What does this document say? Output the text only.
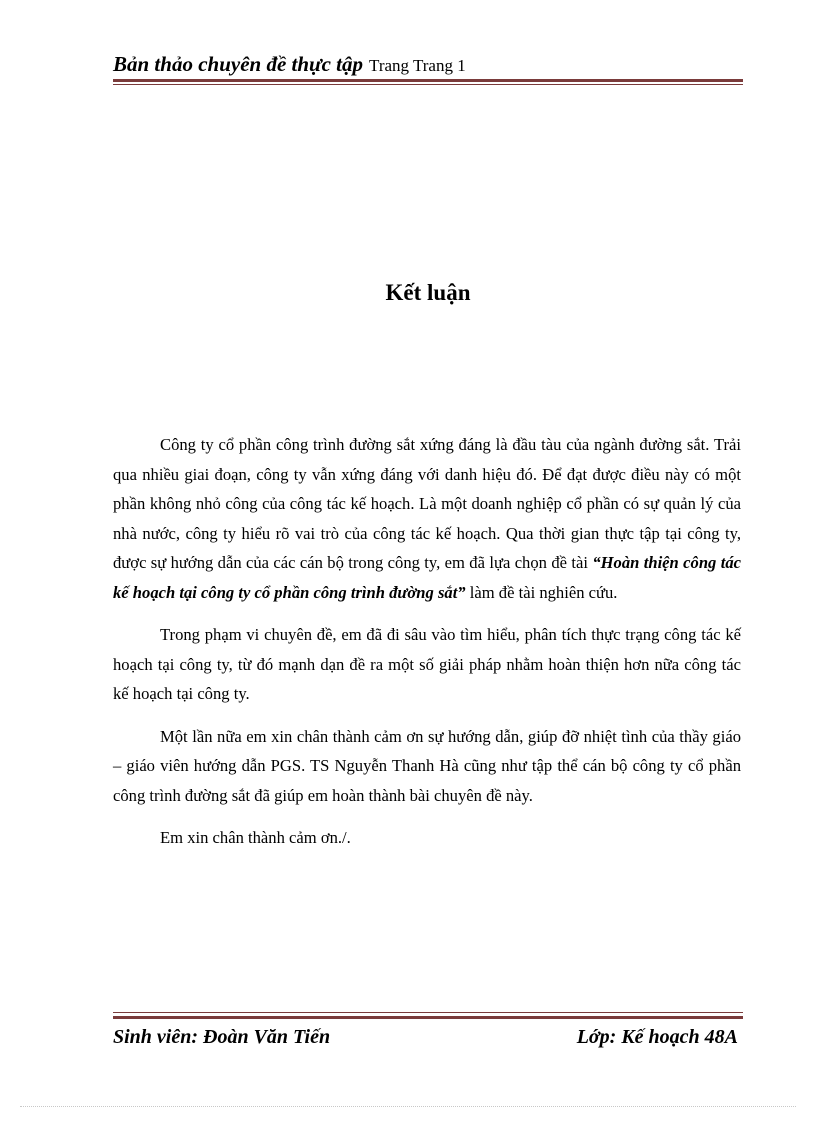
Bản thảo chuyên đề thực tập Trang Trang 1
Kết luận

Công ty cổ phần công trình đường sắt xứng đáng là đầu tàu của ngành đường sắt. Trải qua nhiều giai đoạn, công ty vẫn xứng đáng với danh hiệu đó. Để đạt được điều này có một phần không nhỏ công của công tác kế hoạch. Là một doanh nghiệp cổ phần có sự quản lý của nhà nước, công ty hiểu rõ vai trò của công tác kế hoạch. Qua thời gian thực tập tại công ty, được sự hướng dẫn của các cán bộ trong công ty, em đã lựa chọn đề tài “Hoàn thiện công tác kế hoạch tại công ty cổ phần công trình đường sắt” làm đề tài nghiên cứu.

Trong phạm vi chuyên đề, em đã đi sâu vào tìm hiểu, phân tích thực trạng công tác kế hoạch tại công ty, từ đó mạnh dạn đề ra một số giải pháp nhằm hoàn thiện hơn nữa công tác kế hoạch tại công ty.

Một lần nữa em xin chân thành cảm ơn sự hướng dẫn, giúp đỡ nhiệt tình của thầy giáo – giáo viên hướng dẫn PGS. TS Nguyễn Thanh Hà cũng như tập thể cán bộ công ty cổ phần công trình đường sắt đã giúp em hoàn thành bài chuyên đề này.

Em xin chân thành cảm ơn./.

Sinh viên: Đoàn Văn Tiến	Lớp: Kế hoạch 48A
